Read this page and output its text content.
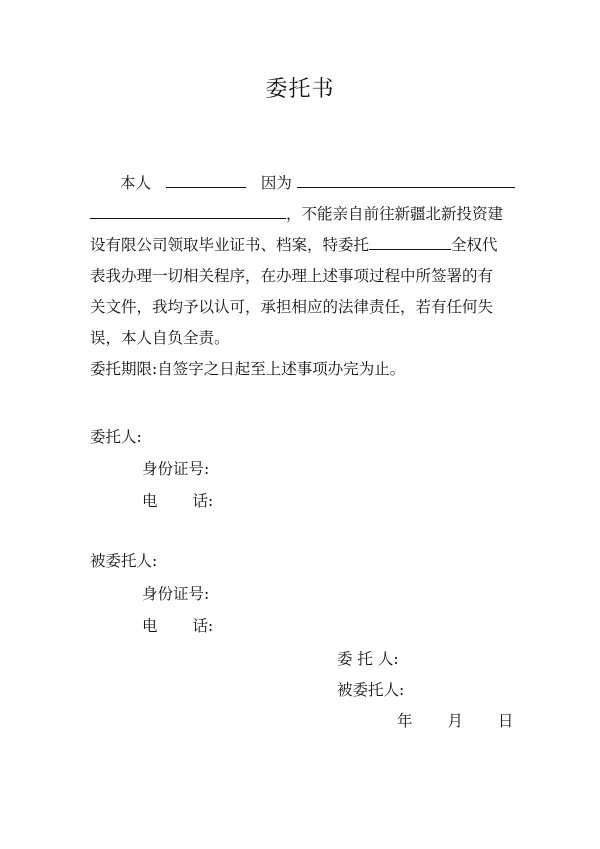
委托书
本人	因为
，不能亲自前往新疆北新投资建
设有限公司领取毕业证书、档案，特委托	全权代
表我办理一切相关程序，在办理上述事项过程中所签署的有
关文件，我均予以认可，承担相应的法律责任，若有任何失
误，本人自负全责。
委托期限:自签字之日起至上述事项办完为止。
委托人:
身份证号:
电 话:
被委托人:
身份证号:
电 话:
委 托 人:
被委托人:
年 月 日
